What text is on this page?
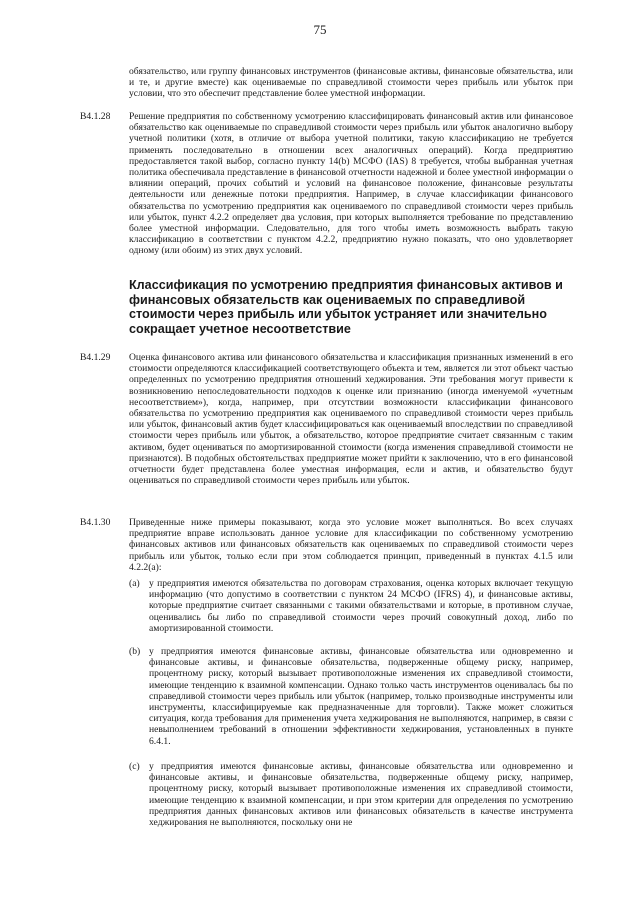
75
обязательство, или группу финансовых инструментов (финансовые активы, финансовые обязательства, или и те, и другие вместе) как оцениваемые по справедливой стоимости через прибыль или убыток при условии, что это обеспечит представление более уместной информации.
B4.1.28 Решение предприятия по собственному усмотрению классифицировать финансовый актив или финансовое обязательство как оцениваемые по справедливой стоимости через прибыль или убыток аналогично выбору учетной политики (хотя, в отличие от выбора учетной политики, такую классификацию не требуется применять последовательно в отношении всех аналогичных операций). Когда предприятию предоставляется такой выбор, согласно пункту 14(b) МСФО (IAS) 8 требуется, чтобы выбранная учетная политика обеспечивала представление в финансовой отчетности надежной и более уместной информации о влиянии операций, прочих событий и условий на финансовое положение, финансовые результаты деятельности или денежные потоки предприятия. Например, в случае классификации финансового обязательства по усмотрению предприятия как оцениваемого по справедливой стоимости через прибыль или убыток, пункт 4.2.2 определяет два условия, при которых выполняется требование по представлению более уместной информации. Следовательно, для того чтобы иметь возможность выбрать такую классификацию в соответствии с пунктом 4.2.2, предприятию нужно показать, что оно удовлетворяет одному (или обоим) из этих двух условий.
Классификация по усмотрению предприятия финансовых активов и финансовых обязательств как оцениваемых по справедливой стоимости через прибыль или убыток устраняет или значительно сокращает учетное несоответствие
B4.1.29 Оценка финансового актива или финансового обязательства и классификация признанных изменений в его стоимости определяются классификацией соответствующего объекта и тем, является ли этот объект частью определенных по усмотрению предприятия отношений хеджирования. Эти требования могут привести к возникновению непоследовательности подходов к оценке или признанию (иногда именуемой «учетным несоответствием»), когда, например, при отсутствии возможности классификации финансового обязательства по усмотрению предприятия как оцениваемого по справедливой стоимости через прибыль или убыток, финансовый актив будет классифицироваться как оцениваемый впоследствии по справедливой стоимости через прибыль или убыток, а обязательство, которое предприятие считает связанным с таким активом, будет оцениваться по амортизированной стоимости (когда изменения справедливой стоимости не признаются). В подобных обстоятельствах предприятие может прийти к заключению, что в его финансовой отчетности будет представлена более уместная информация, если и актив, и обязательство будут оцениваться по справедливой стоимости через прибыль или убыток.
B4.1.30 Приведенные ниже примеры показывают, когда это условие может выполняться. Во всех случаях предприятие вправе использовать данное условие для классификации по собственному усмотрению финансовых активов или финансовых обязательств как оцениваемых по справедливой стоимости через прибыль или убыток, только если при этом соблюдается принцип, приведенный в пунктах 4.1.5 или 4.2.2(a):
(a) у предприятия имеются обязательства по договорам страхования, оценка которых включает текущую информацию (что допустимо в соответствии с пунктом 24 МСФО (IFRS) 4), и финансовые активы, которые предприятие считает связанными с такими обязательствами и которые, в противном случае, оценивались бы либо по справедливой стоимости через прочий совокупный доход, либо по амортизированной стоимости.
(b) у предприятия имеются финансовые активы, финансовые обязательства или одновременно и финансовые активы, и финансовые обязательства, подверженные общему риску, например, процентному риску, который вызывает противоположные изменения их справедливой стоимости, имеющие тенденцию к взаимной компенсации. Однако только часть инструментов оценивалась бы по справедливой стоимости через прибыль или убыток (например, только производные инструменты или инструменты, классифицируемые как предназначенные для торговли). Также может сложиться ситуация, когда требования для применения учета хеджирования не выполняются, например, в связи с невыполнением требований в отношении эффективности хеджирования, установленных в пункте 6.4.1.
(c) у предприятия имеются финансовые активы, финансовые обязательства или одновременно и финансовые активы, и финансовые обязательства, подверженные общему риску, например, процентному риску, который вызывает противоположные изменения их справедливой стоимости, имеющие тенденцию к взаимной компенсации, и при этом критерии для определения по усмотрению предприятия данных финансовых активов или финансовых обязательств в качестве инструмента хеджирования не выполняются, поскольку они не
